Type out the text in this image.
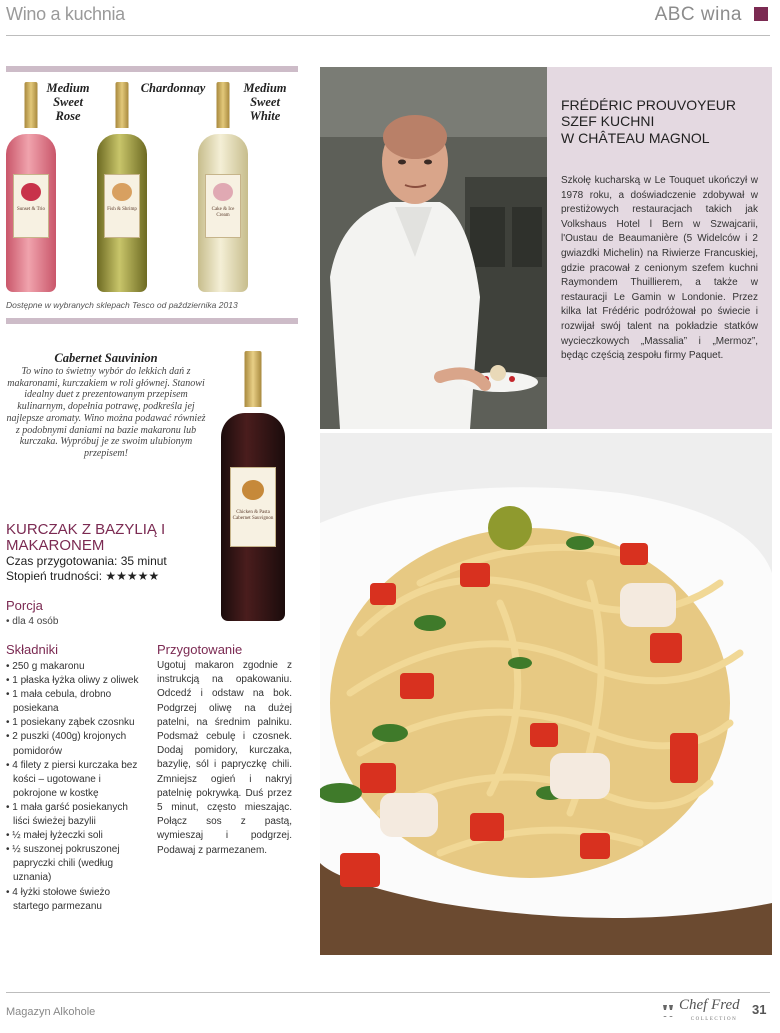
Wino a kuchnia	ABC wina
Medium
Sweet
Rose
Chardonnay	Medium
Sweet
White
Sunset & Trio	Fish & Shrimp	Cake & Ice Cream
Dostępne w wybranych sklepach Tesco od października 2013
Cabernet Sauvinion
To wino to świetny wybór do lekkich dań z makaronami, kurczakiem w roli głównej. Stanowi idealny duet z prezentowanym przepisem kulinarnym, dopełnia potrawę, podkreśla jej najlepsze aromaty. Wino można podawać również z podobnymi daniami na bazie makaronu lub kurczaka. Wypróbuj je ze swoim ulubionym przepisem!
Chicken & Pasta
Cabernet Sauvignon
KURCZAK Z BAZYLIĄ I MAKARONEM
Czas przygotowania: 35 minut
Stopień trudności: ★★★★★
Porcja
• dla 4 osób
Składniki
• 250 g makaronu
• 1 płaska łyżka oliwy z oliwek
• 1 mała cebula, drobno posiekana
• 1 posiekany ząbek czosnku
• 2 puszki (400g) krojonych pomidorów
• 4 filety z piersi kurczaka bez kości – ugotowane i pokrojone w kostkę
• 1 mała garść posiekanych liści świeżej bazylii
• ½ małej łyżeczki soli
• ½ suszonej pokruszonej papryczki chili (według uznania)
• 4 łyżki stołowe świeżo startego parmezanu
Przygotowanie
Ugotuj makaron zgodnie z instrukcją na opakowaniu. Odcedź i odstaw na bok. Podgrzej oliwę na dużej patelni, na średnim palniku. Podsmaż cebulę i czosnek. Dodaj pomidory, kurczaka, bazylię, sól i papryczkę chili. Zmniejsz ogień i nakryj patelnię pokrywką. Duś przez 5 minut, często mieszając. Połącz sos z pastą, wymieszaj i podgrzej. Podawaj z parmezanem.
FRÉDÉRIC PROUVOYEUR
SZEF KUCHNI
W CHÂTEAU MAGNOL
Szkołę kucharską w Le Touquet ukończył w 1978 roku, a doświadczenie zdobywał w prestiżowych restauracjach takich jak Volkshaus Hotel l Bern w Szwajcarii, l'Oustau de Beaumanière (5 Widelców i 2 gwiazdki Michelin) na Riwierze Francuskiej, gdzie pracował z cenionym szefem kuchni Raymondem Thuillierem, a także w restauracji Le Gamin w Londonie. Przez kilka lat Frédéric podróżował po świecie i rozwijał swój talent na pokładzie statków wycieczkowych „Massalia” i „Mermoz”, będąc częścią zespołu firmy Paquet.
Magazyn Alkohole	Chef Fred
COLLECTION
31
